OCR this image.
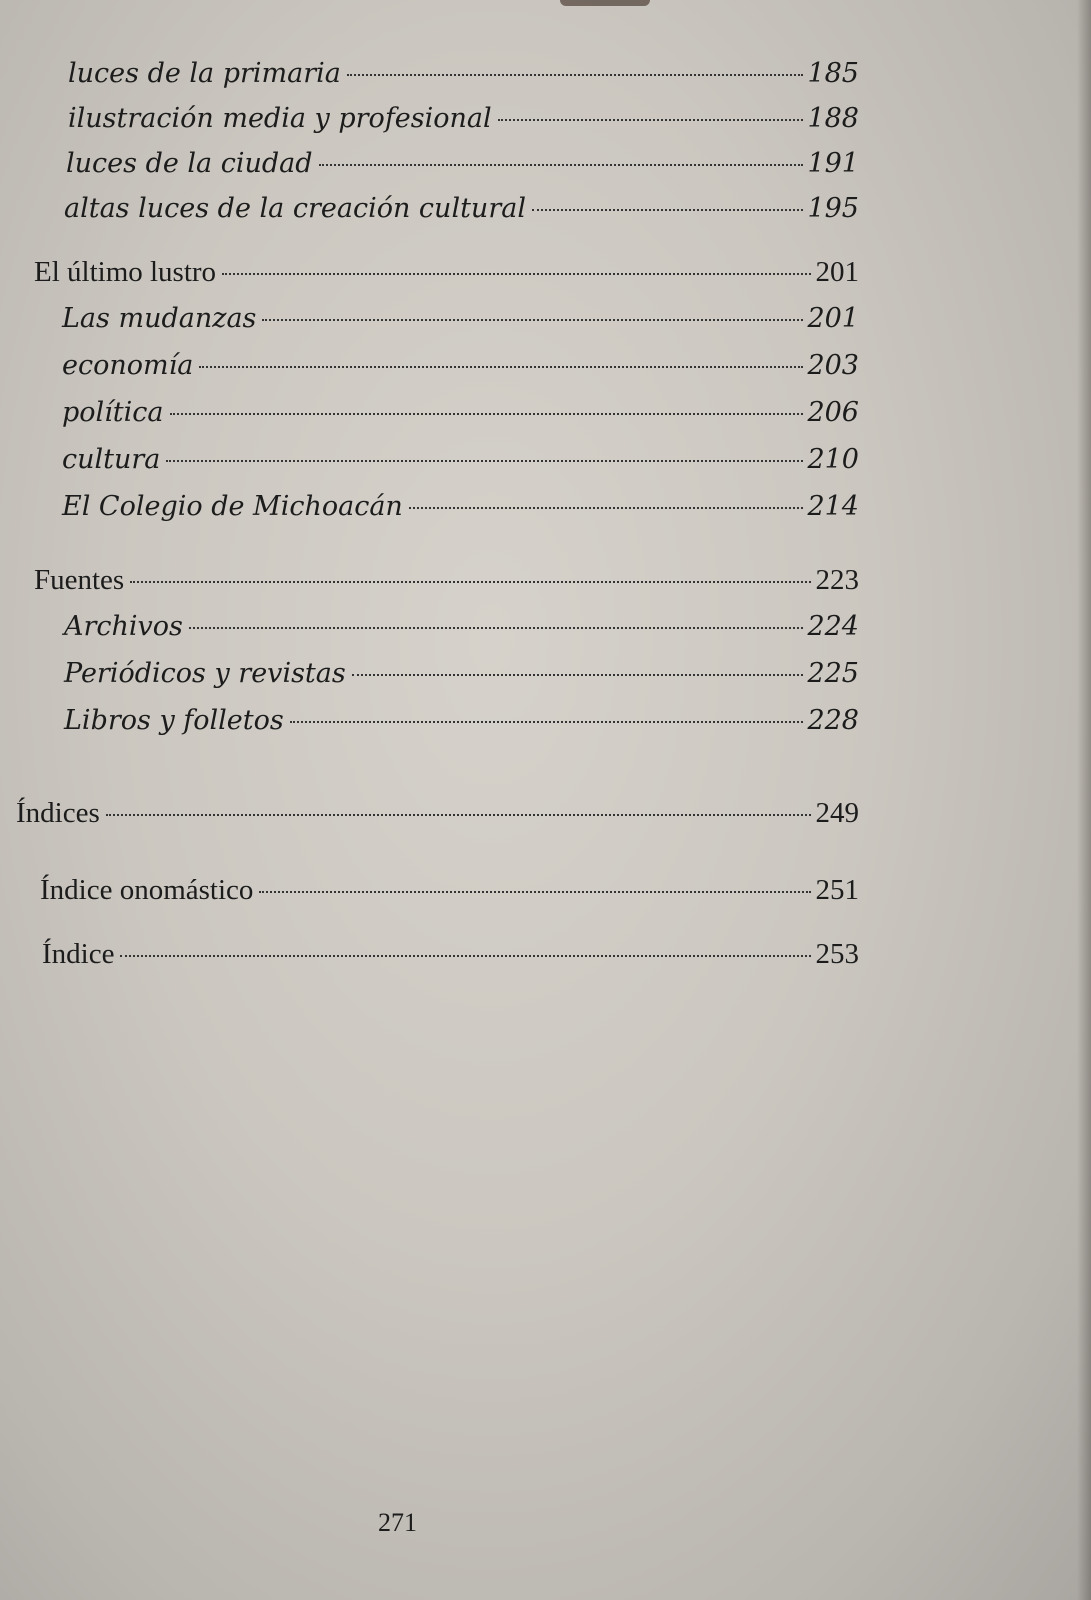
luces de la primaria	185
ilustración media y profesional	188
luces de la ciudad	191
altas luces de la creación cultural	195
El último lustro	201
Las mudanzas	201
economía	203
política	206
cultura	210
El Colegio de Michoacán	214
Fuentes	223
Archivos	224
Periódicos y revistas	225
Libros y folletos	228
Índices	249
Índice onomástico	251
Índice	253
271
